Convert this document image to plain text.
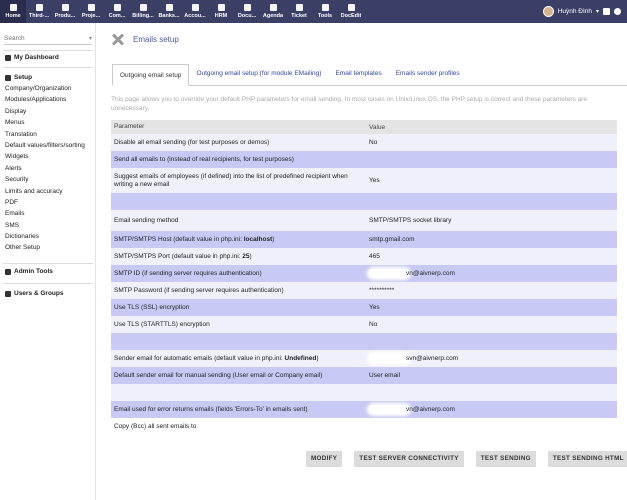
Home Third-... Produ... Proje... Com... Billing... Banks... Accou... HRM Docu... Agenda Ticket Tools DocEdit
Huỳnh Đình ▾
Search
▾
My Dashboard
Setup
Company/Organization
Modules/Applications
Display
Menus
Translation
Default values/filters/sorting
Widgets
Alerts
Security
Limits and accuracy
PDF
Emails
SMS
Dictionaries
Other Setup
Admin Tools
Users & Groups
Emails setup
Outgoing email setup	Outgoing email setup (for module EMailing)	Email templates	Emails sender profiles
This page allows you to override your default PHP parameters for email sending. In most cases on Unix/Linux OS, the PHP setup is correct and these parameters are unnecessary.
Parameter	Value
Disable all email sending (for test purposes or demos)	No
Send all emails to (instead of real recipients, for test purposes)
Suggest emails of employees (if defined) into the list of predefined recipient when writing a new email	Yes
Email sending method	SMTP/SMTPS socket library
SMTP/SMTPS Host (default value in php.ini: localhost)	smtp.gmail.com
SMTP/SMTPS Port (default value in php.ini: 25)	465
SMTP ID (if sending server requires authentication)	vn@aivnerp.com
SMTP Password (if sending server requires authentication)	**********
Use TLS (SSL) encryption	Yes
Use TLS (STARTTLS) encryption	No
Sender email for automatic emails (default value in php.ini: Undefined)	svn@aivnerp.com
Default sender email for manual sending (User email or Company email)	User email
Email used for error returns emails (fields 'Errors-To' in emails sent)	vn@aivnerp.com
Copy (Bcc) all sent emails to
MODIFY	TEST SERVER CONNECTIVITY	TEST SENDING	TEST SENDING HTML
